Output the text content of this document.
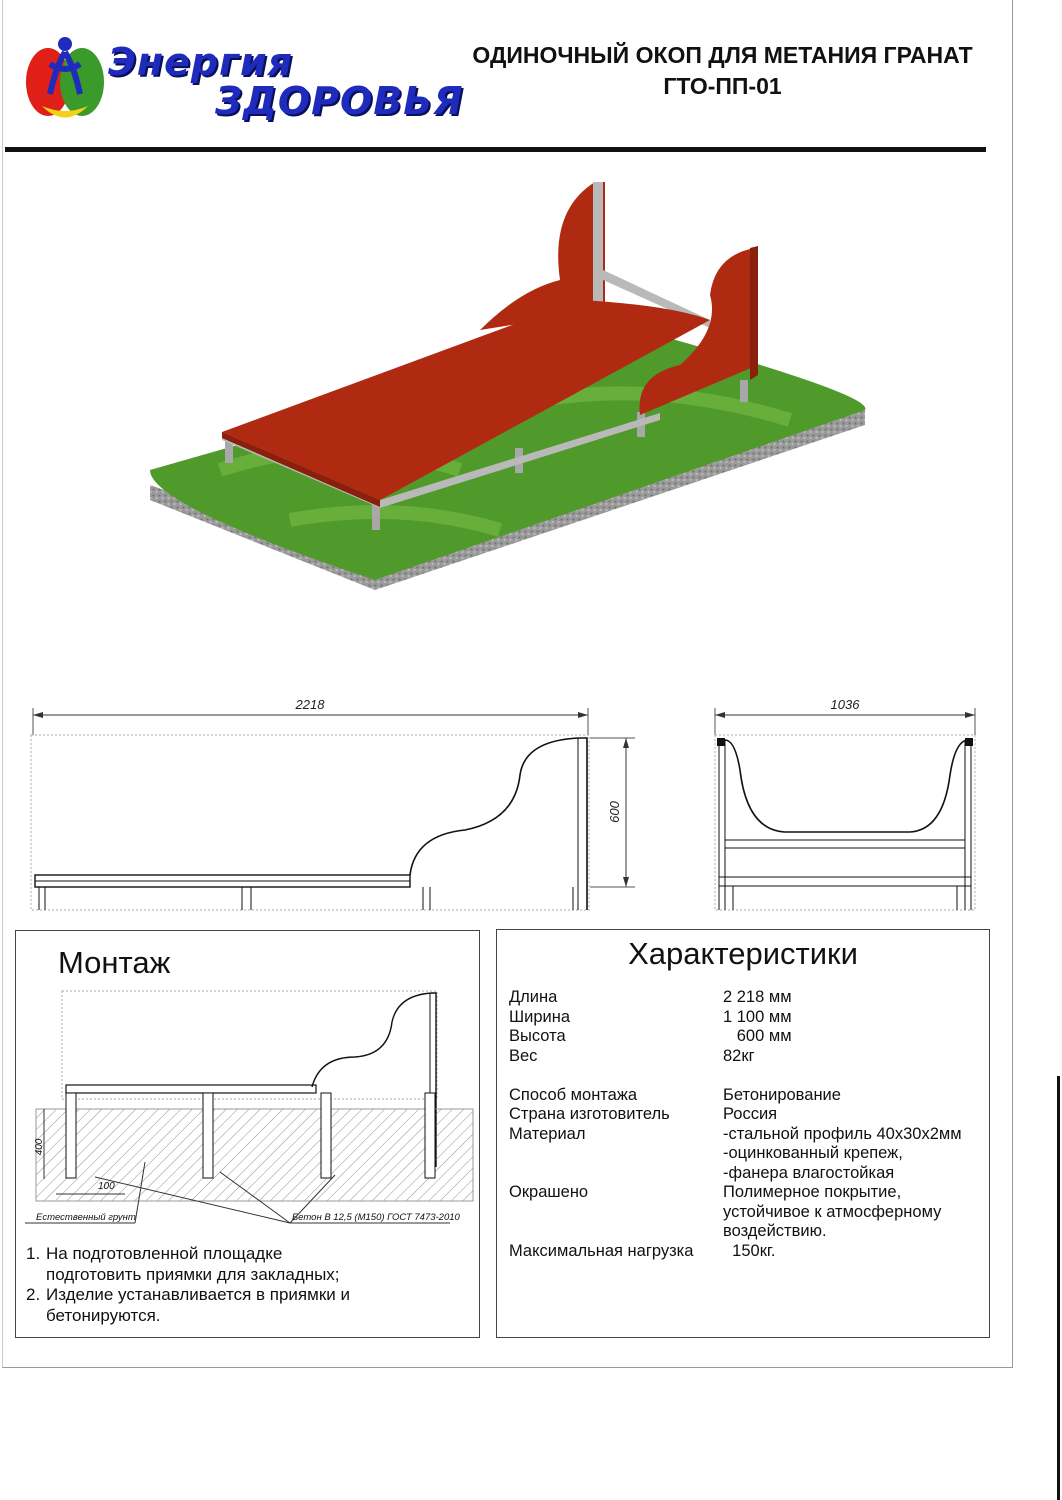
Энергия
ЗДОРОВЬЯ
ОДИНОЧНЫЙ ОКОП ДЛЯ МЕТАНИЯ ГРАНАТ
ГТО-ПП-01
2218
600
1036
Монтаж
400
100
Естественный грунт	Бетон В 12,5 (М150) ГОСТ 7473-2010
1. На подготовленной площадке
подготовить приямки для закладных;
2. Изделие устанавливается в приямки и
бетонируются.
Характеристики
Длина	2 218 мм
Ширина	1 100 мм
Высота	600 мм
Вес	82кг
Способ монтажа	Бетонирование
Страна изготовитель	Россия
Материал	-стальной профиль 40х30х2мм
-оцинкованный крепеж,
-фанера влагостойкая
Окрашено	Полимерное покрытие,
устойчивое к атмосферному
воздействию.
Максимальная нагрузка	150кг.
